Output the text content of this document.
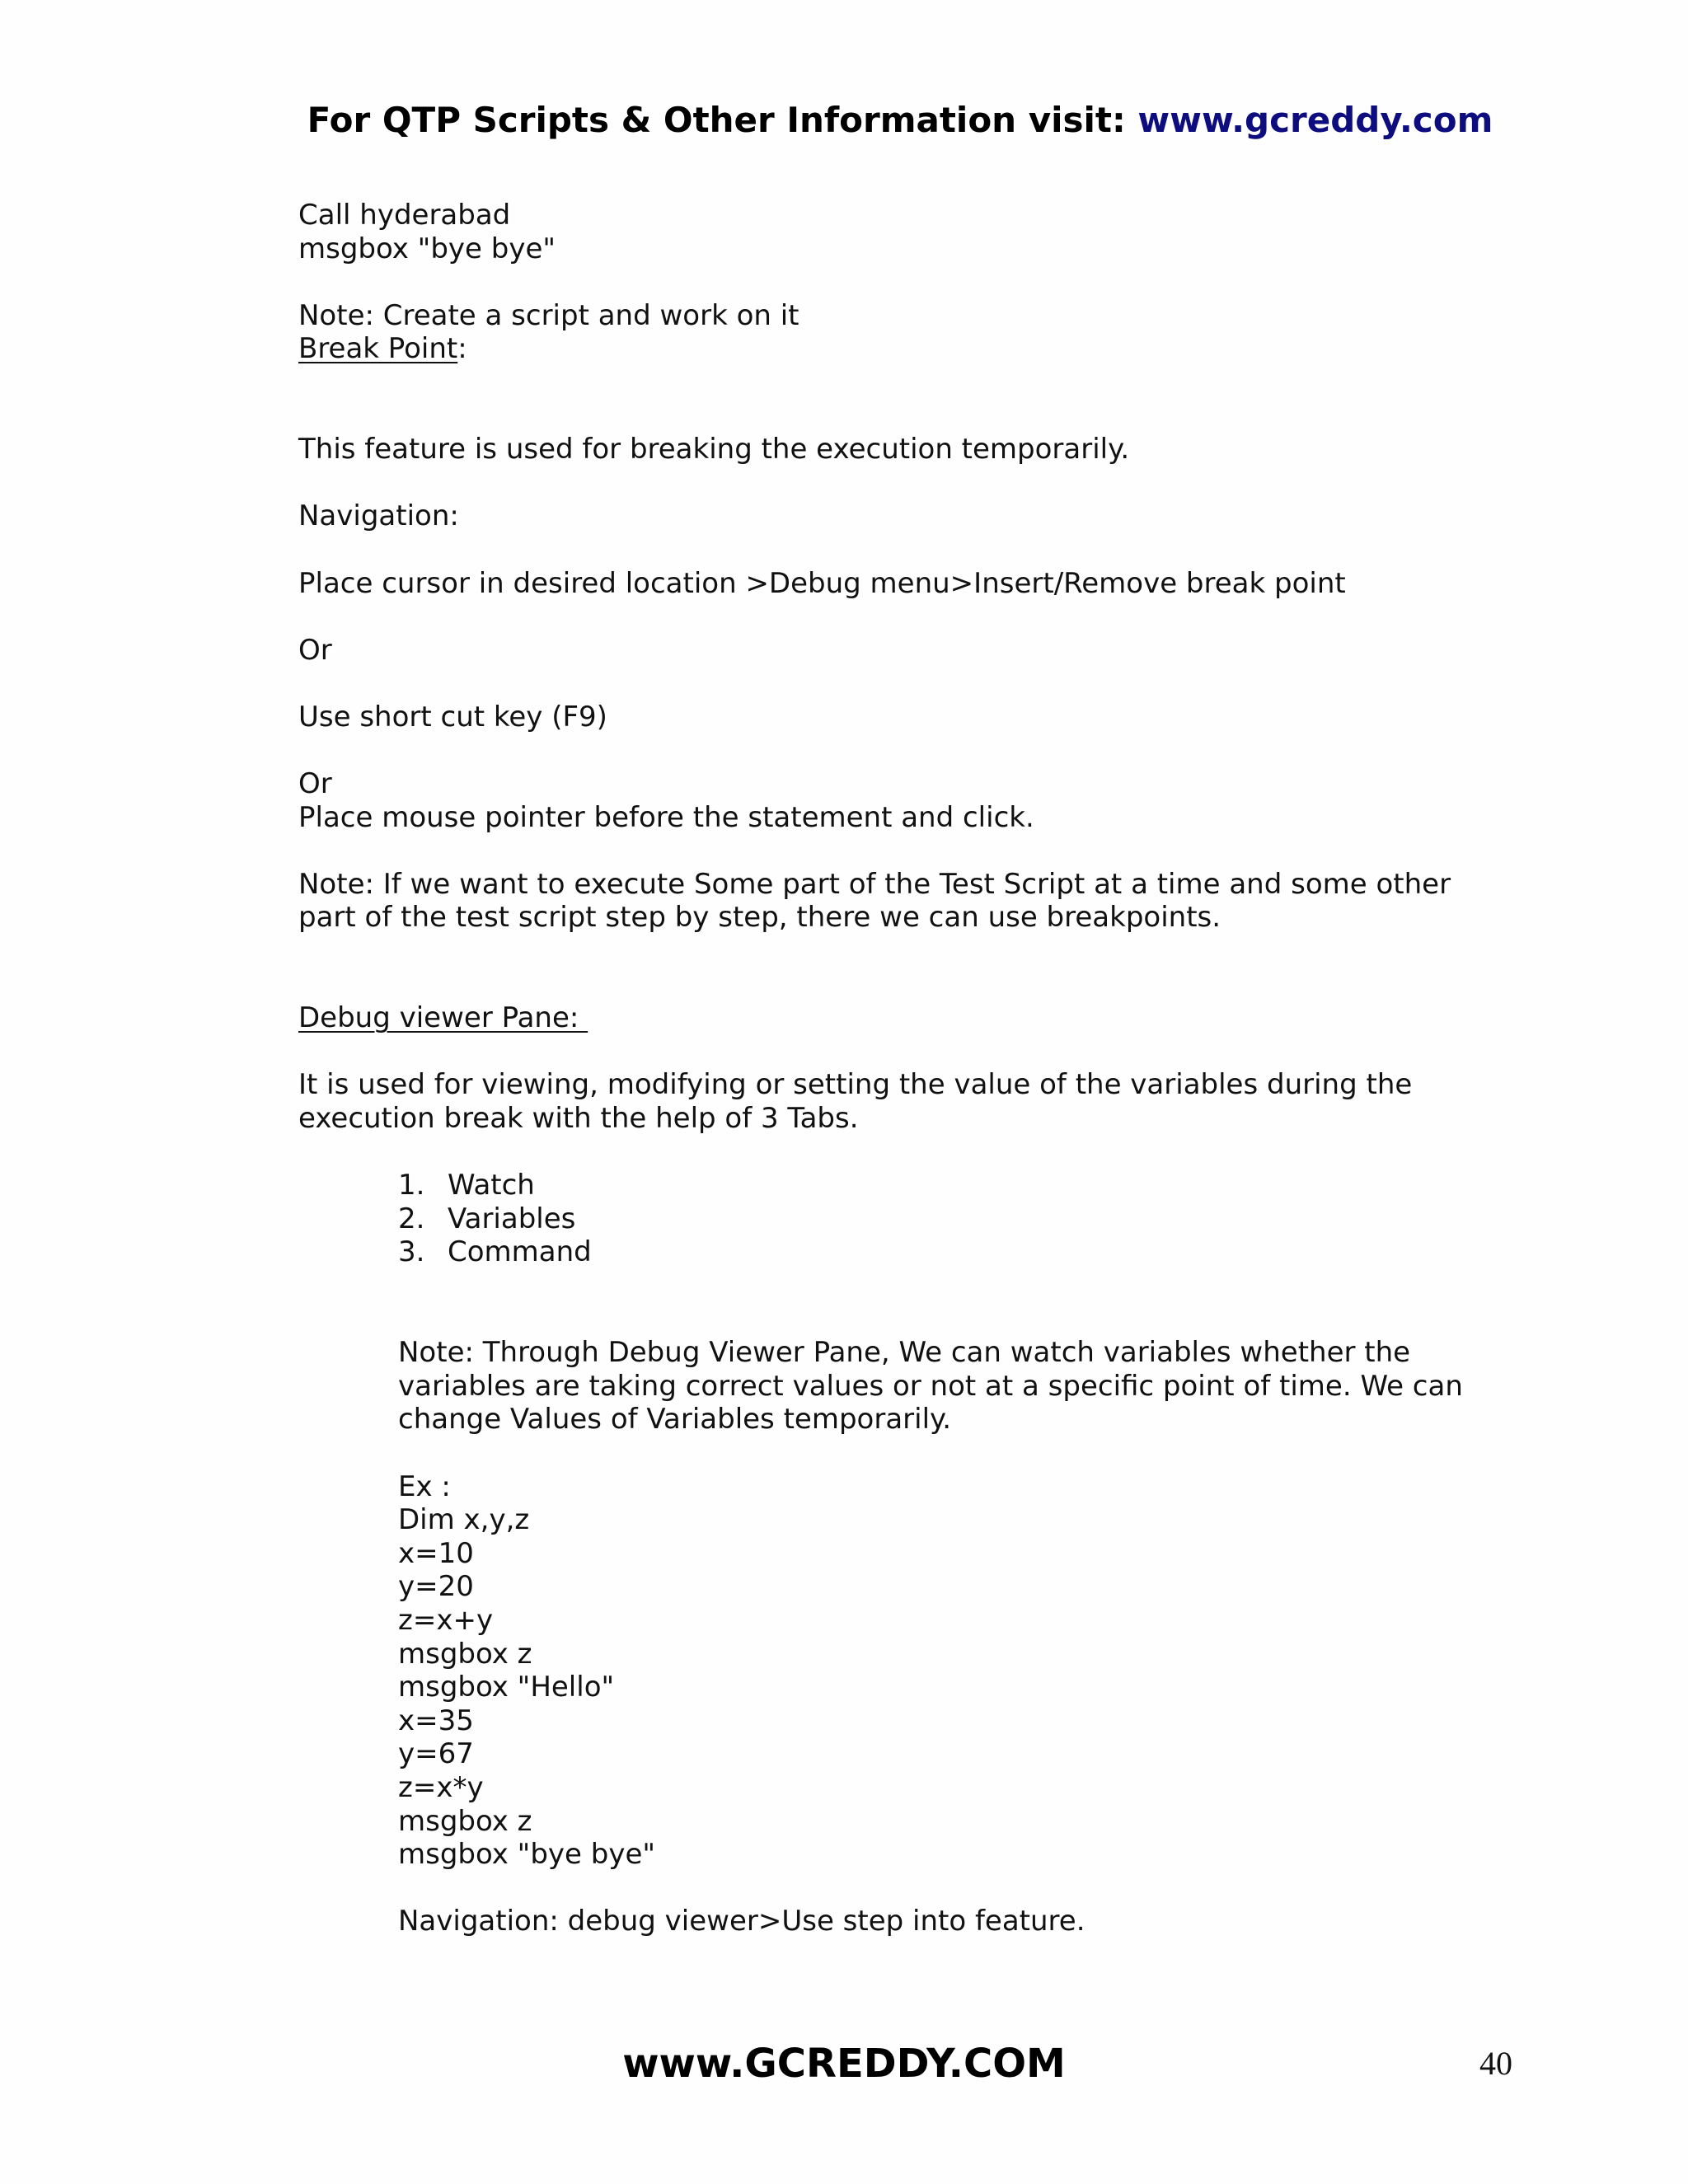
For QTP Scripts & Other Information visit: www.gcreddy.com

Call hyderabad

msgbox "bye bye"

Note: Create a script and work on it

Break Point:

This feature is used for breaking the execution temporarily.

Navigation:

Place cursor in desired location >Debug menu>Insert/Remove break point

Or

Use short cut key (F9)

Or

Place mouse pointer before the statement and click.

Note: If we want to execute Some part of the Test Script at a time and some other

part of the test script step by step, there we can use breakpoints.

Debug viewer Pane:

It is used for viewing, modifying or setting the value of the variables during the

execution break with the help of 3 Tabs.

1. Watch
2. Variables
3. Command

Note: Through Debug Viewer Pane, We can watch variables whether the

variables are taking correct values or not at a specific point of time. We can

change Values of Variables temporarily.

Ex :

Dim x,y,z

x=10

y=20

z=x+y

msgbox z

msgbox "Hello"

x=35

y=67

z=x*y

msgbox z

msgbox "bye bye"

Navigation: debug viewer>Use step into feature.

www.GCREDDY.COM	40
